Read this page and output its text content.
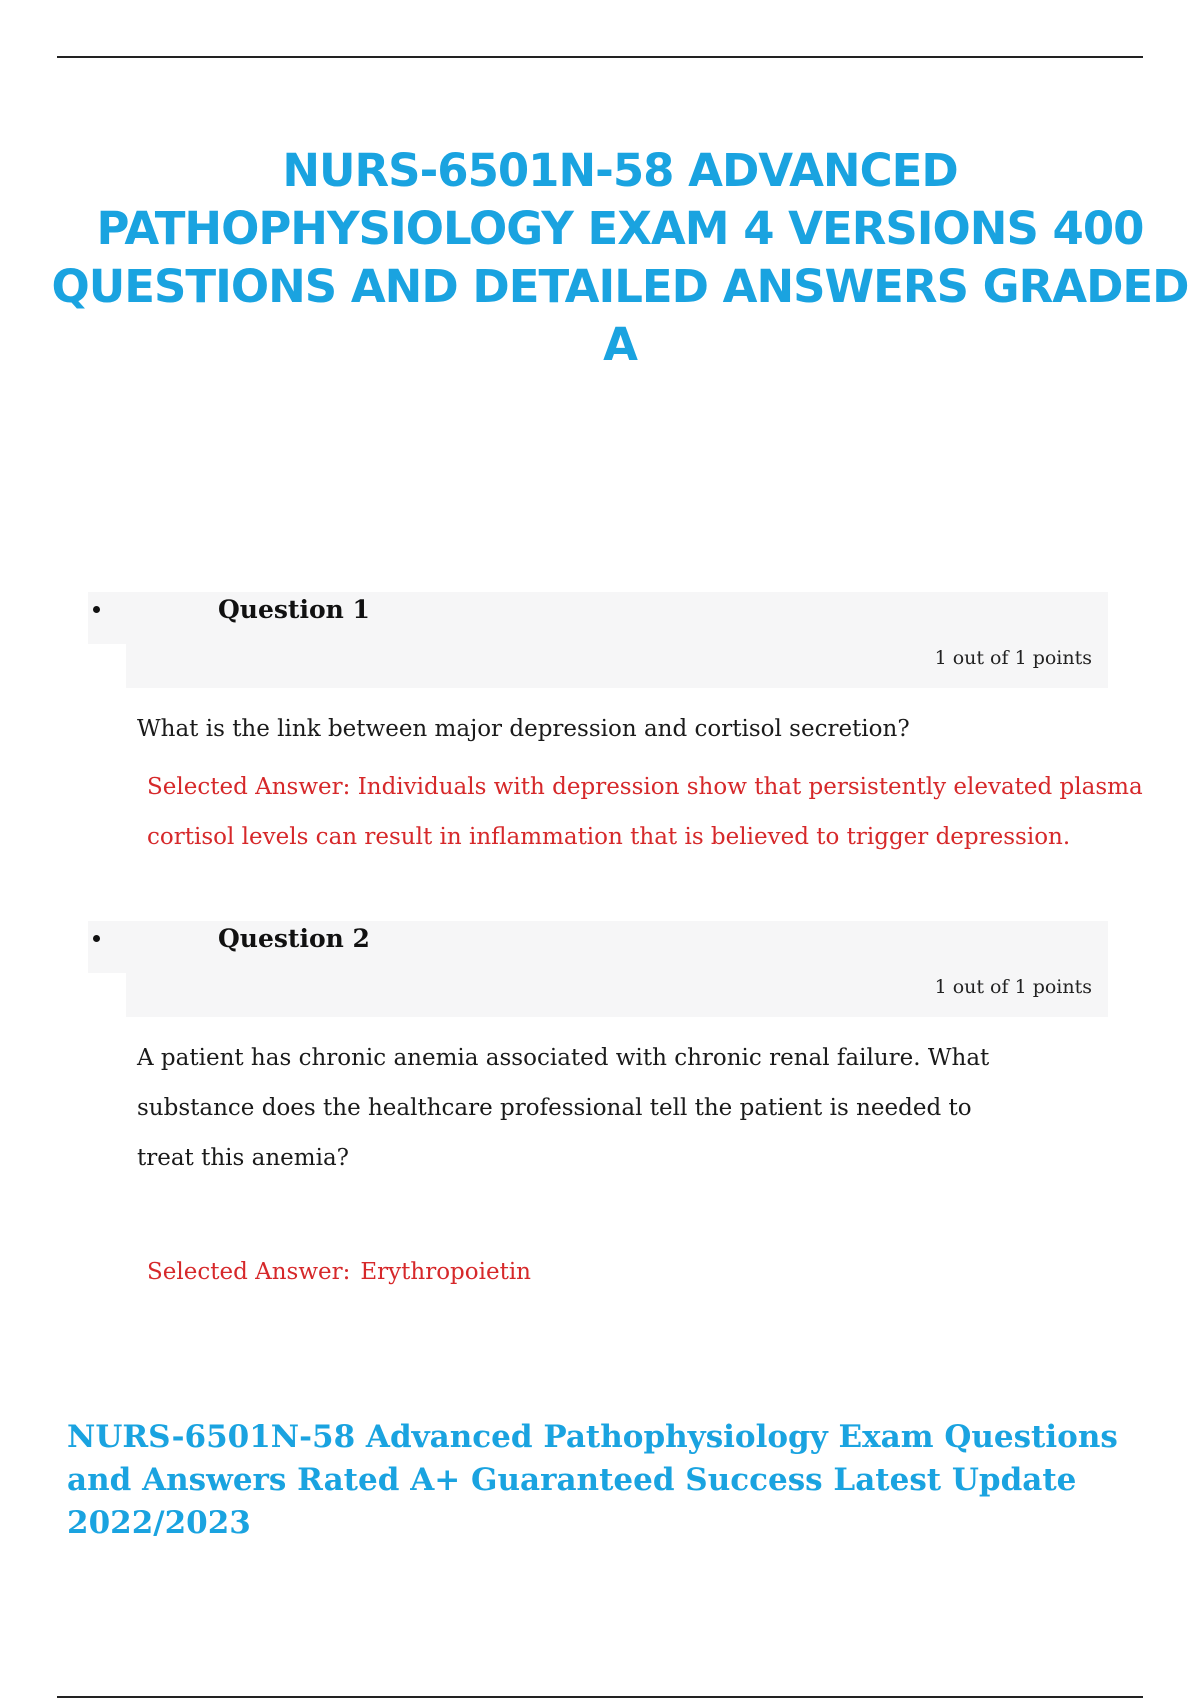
NURS-6501N-58 ADVANCED PATHOPHYSIOLOGY EXAM 4 VERSIONS 400 QUESTIONS AND DETAILED ANSWERS GRADED A
Question 1
1 out of 1 points

What is the link between major depression and cortisol secretion?

Selected Answer: Individuals with depression show that persistently elevated plasma cortisol levels can result in inflammation that is believed to trigger depression.

Question 2
1 out of 1 points

A patient has chronic anemia associated with chronic renal failure. What substance does the healthcare professional tell the patient is needed to treat this anemia?

Selected Answer: Erythropoietin

NURS-6501N-58 Advanced Pathophysiology Exam Questions and Answers Rated A+ Guaranteed Success Latest Update 2022/2023
